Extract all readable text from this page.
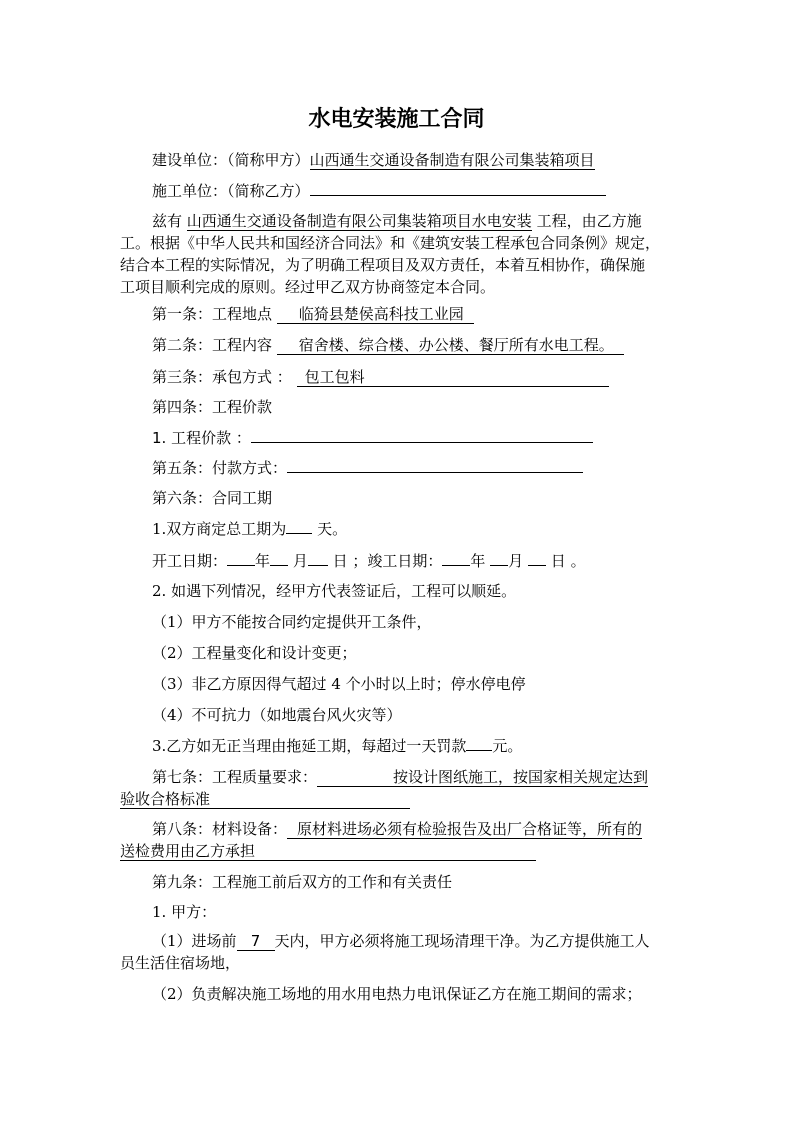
水电安装施工合同
建设单位：（简称甲方）山西通生交通设备制造有限公司集装箱项目
施工单位：（简称乙方）
兹有 山西通生交通设备制造有限公司集装箱项目水电安装 工程，由乙方施
工。根据《中华人民共和国经济合同法》和《建筑安装工程承包合同条例》规定，
结合本工程的实际情况，为了明确工程项目及双方责任，本着互相协作，确保施
工项目顺利完成的原则。经过甲乙双方协商签定本合同。
第一条：工程地点 临猗县楚侯高科技工业园
第二条：工程内容 宿舍楼、综合楼、办公楼、餐厅所有水电工程。
第三条：承包方式 ： 包工包料
第四条：工程价款
1. 工程价款 ：
第五条：付款方式：
第六条：合同工期
1.双方商定总工期为 天。
开工日期： 年 月 日 ；竣工日期： 年 月 日 。
2. 如遇下列情况，经甲方代表签证后，工程可以顺延。
（1）甲方不能按合同约定提供开工条件，
（2）工程量变化和设计变更；
（3）非乙方原因得气超过 4 个小时以上时；停水停电停
（4）不可抗力（如地震台风火灾等）
3.乙方如无正当理由拖延工期，每超过一天罚款 元。
第七条：工程质量要求：	按设计图纸施工，按国家相关规定达到
验收合格标准
第八条：材料设备： 原材料进场必须有检验报告及出厂合格证等，所有的
送检费用由乙方承担
第九条：工程施工前后双方的工作和有关责任
1. 甲方：
（1）进场前 7 天内，甲方必须将施工现场清理干净。为乙方提供施工人
员生活住宿场地，
（2）负责解决施工场地的用水用电热力电讯保证乙方在施工期间的需求；
